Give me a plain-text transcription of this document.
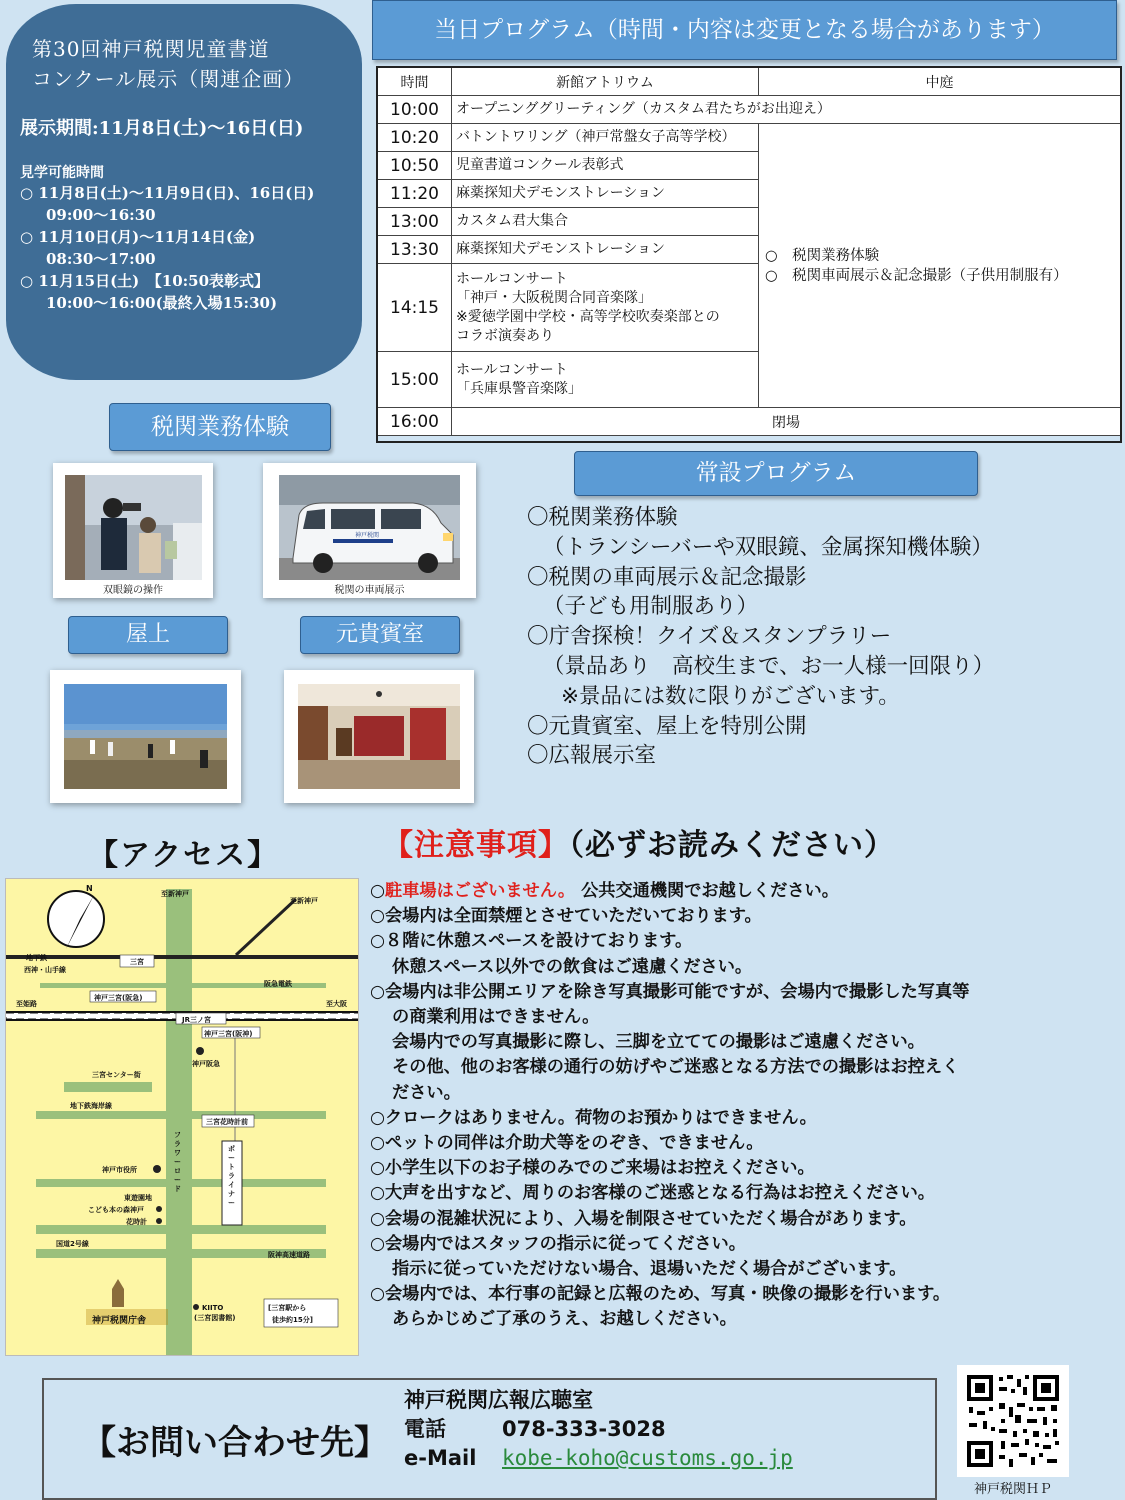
第30回神戸税関児童書道
コンクール展示（関連企画）
展示期間:11月8日(土)～16日(日)
見学可能時間
○ 11月8日(土)～11月9日(日)、16日(日)
09:00～16:30
○ 11月10日(月)～11月14日(金)
08:30～17:00
○ 11月15日(土)　【10:50表彰式】
10:00～16:00(最終入場15:30)
当日プログラム（時間・内容は変更となる場合があります）
時間	新館アトリウム	中庭
10:00	オープニンググリーティング（カスタム君たちがお出迎え）	
10:20	バトントワリング（神戸常盤女子高等学校）	○　税関業務体験
○　税関車両展示＆記念撮影（子供用制服有）

10:50	児童書道コンクール表彰式	
11:20	麻薬探知犬デモンストレーション	
13:00	カスタム君大集合	
13:30	麻薬探知犬デモンストレーション	
14:15	ホールコンサート
「神戸・大阪税関合同音楽隊」
※愛徳学園中学校・高等学校吹奏楽部との
コラボ演奏あり	

15:00	ホールコンサート
「兵庫県警音楽隊」	

16:00	閉場	
税関業務体験
双眼鏡の操作
神戸税関
税関の車両展示
屋上	元貴賓室
常設プログラム
〇税関業務体験
（トランシーバーや双眼鏡、金属探知機体験）
〇税関の車両展示＆記念撮影
（子ども用制服あり）
〇庁舎探検！クイズ＆スタンプラリー
（景品あり　高校生まで、お一人様一回限り）
※景品には数に限りがございます。
〇元貴賓室、屋上を特別公開
〇広報展示室
【アクセス】
N
至新神戸
至新神戸
地下鉄
西神・山手線
三宮
神戸三宮(阪急)
阪急電鉄
至姫路	至大阪
JR三ノ宮
神戸三宮(阪神)
神戸阪急
三宮センター街
地下鉄海岸線
三宮花時計前
フラワーロード
ポートライナー
神戸市役所
東遊園地
こども本の森神戸
花時計
国道2号線
阪神高速道路
KIITO
(三宮図書館)
神戸税関庁舎
[三宮駅から
徒歩約15分]
【注意事項】（必ずお読みください）
○駐車場はございません。 公共交通機関でお越しください。
○会場内は全面禁煙とさせていただいております。
○８階に休憩スペースを設けております。
休憩スペース以外での飲食はご遠慮ください。
○会場内は非公開エリアを除き写真撮影可能ですが、会場内で撮影した写真等
の商業利用はできません。
会場内での写真撮影に際し、三脚を立てての撮影はご遠慮ください。
その他、他のお客様の通行の妨げやご迷惑となる方法での撮影はお控えく
ださい。
○クロークはありません。荷物のお預かりはできません。
○ペットの同伴は介助犬等をのぞき、できません。
○小学生以下のお子様のみでのご来場はお控えください。
○大声を出すなど、周りのお客様のご迷惑となる行為はお控えください。
○会場の混雑状況により、入場を制限させていただく場合があります。
○会場内ではスタッフの指示に従ってください。
指示に従っていただけない場合、退場いただく場合がございます。
○会場内では、本行事の記録と広報のため、写真・映像の撮影を行います。
あらかじめご了承のうえ、お越しください。
【お問い合わせ先】
神戸税関広報広聴室
電話	078-333-3028
e-Mail kobe-koho@customs.go.jp
神戸税関ＨＰ
